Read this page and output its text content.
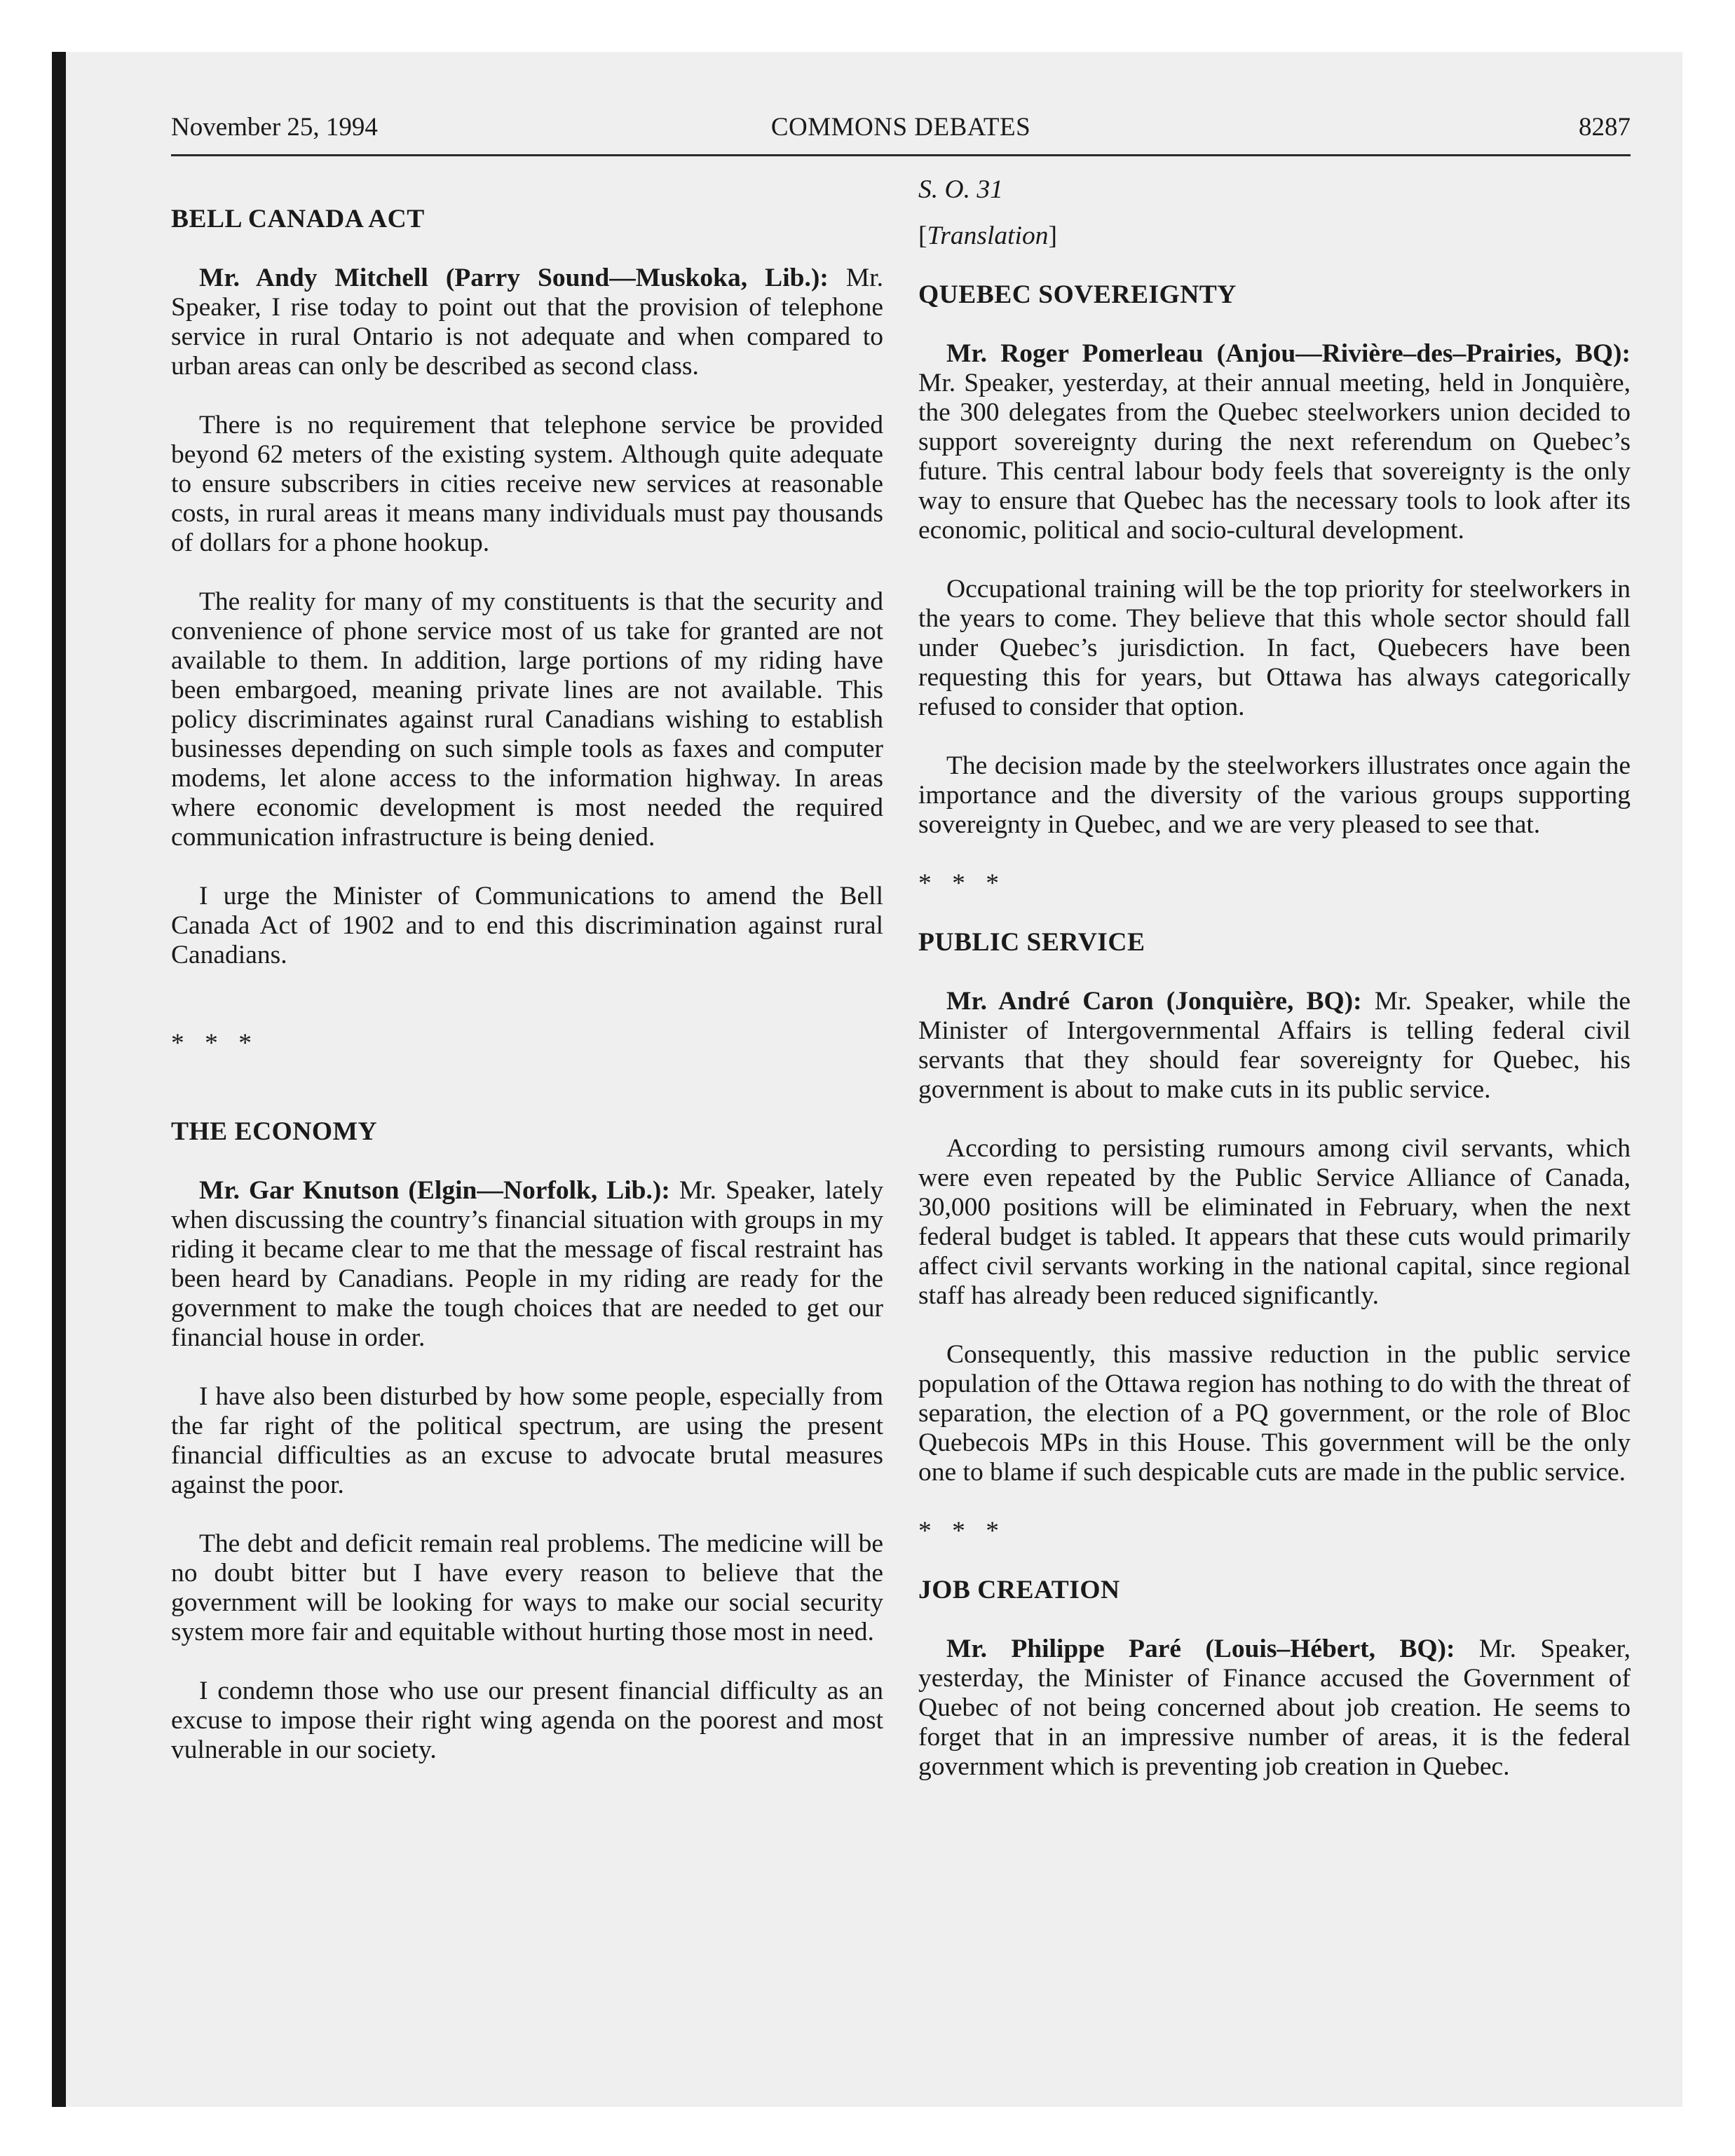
November 25, 1994	COMMONS DEBATES	8287

BELL CANADA ACT

Mr. Andy Mitchell (Parry Sound—Muskoka, Lib.): Mr. Speaker, I rise today to point out that the provision of telephone service in rural Ontario is not adequate and when compared to urban areas can only be described as second class.

There is no requirement that telephone service be provided beyond 62 meters of the existing system. Although quite adequate to ensure subscribers in cities receive new services at reasonable costs, in rural areas it means many individuals must pay thousands of dollars for a phone hookup.

The reality for many of my constituents is that the security and convenience of phone service most of us take for granted are not available to them. In addition, large portions of my riding have been embargoed, meaning private lines are not available. This policy discriminates against rural Canadians wishing to establish businesses depending on such simple tools as faxes and computer modems, let alone access to the information highway. In areas where economic development is most needed the required communication infrastructure is being denied.

I urge the Minister of Communications to amend the Bell Canada Act of 1902 and to end this discrimination against rural Canadians.

* * *

THE ECONOMY

Mr. Gar Knutson (Elgin—Norfolk, Lib.): Mr. Speaker, lately when discussing the country’s financial situation with groups in my riding it became clear to me that the message of fiscal restraint has been heard by Canadians. People in my riding are ready for the government to make the tough choices that are needed to get our financial house in order.

I have also been disturbed by how some people, especially from the far right of the political spectrum, are using the present financial difficulties as an excuse to advocate brutal measures against the poor.

The debt and deficit remain real problems. The medicine will be no doubt bitter but I have every reason to believe that the government will be looking for ways to make our social security system more fair and equitable without hurting those most in need.

I condemn those who use our present financial difficulty as an excuse to impose their right wing agenda on the poorest and most vulnerable in our society.

S. O. 31

[Translation]

QUEBEC SOVEREIGNTY

Mr. Roger Pomerleau (Anjou—Rivière–des–Prairies, BQ): Mr. Speaker, yesterday, at their annual meeting, held in Jonquière, the 300 delegates from the Quebec steelworkers union decided to support sovereignty during the next referendum on Quebec’s future. This central labour body feels that sovereignty is the only way to ensure that Quebec has the necessary tools to look after its economic, political and socio-cultural development.

Occupational training will be the top priority for steelworkers in the years to come. They believe that this whole sector should fall under Quebec’s jurisdiction. In fact, Quebecers have been requesting this for years, but Ottawa has always categorically refused to consider that option.

The decision made by the steelworkers illustrates once again the importance and the diversity of the various groups supporting sovereignty in Quebec, and we are very pleased to see that.

* * *

PUBLIC SERVICE

Mr. André Caron (Jonquière, BQ): Mr. Speaker, while the Minister of Intergovernmental Affairs is telling federal civil servants that they should fear sovereignty for Quebec, his government is about to make cuts in its public service.

According to persisting rumours among civil servants, which were even repeated by the Public Service Alliance of Canada, 30,000 positions will be eliminated in February, when the next federal budget is tabled. It appears that these cuts would primarily affect civil servants working in the national capital, since regional staff has already been reduced significantly.

Consequently, this massive reduction in the public service population of the Ottawa region has nothing to do with the threat of separation, the election of a PQ government, or the role of Bloc Quebecois MPs in this House. This government will be the only one to blame if such despicable cuts are made in the public service.

* * *

JOB CREATION

Mr. Philippe Paré (Louis–Hébert, BQ): Mr. Speaker, yesterday, the Minister of Finance accused the Government of Quebec of not being concerned about job creation. He seems to forget that in an impressive number of areas, it is the federal government which is preventing job creation in Quebec.
